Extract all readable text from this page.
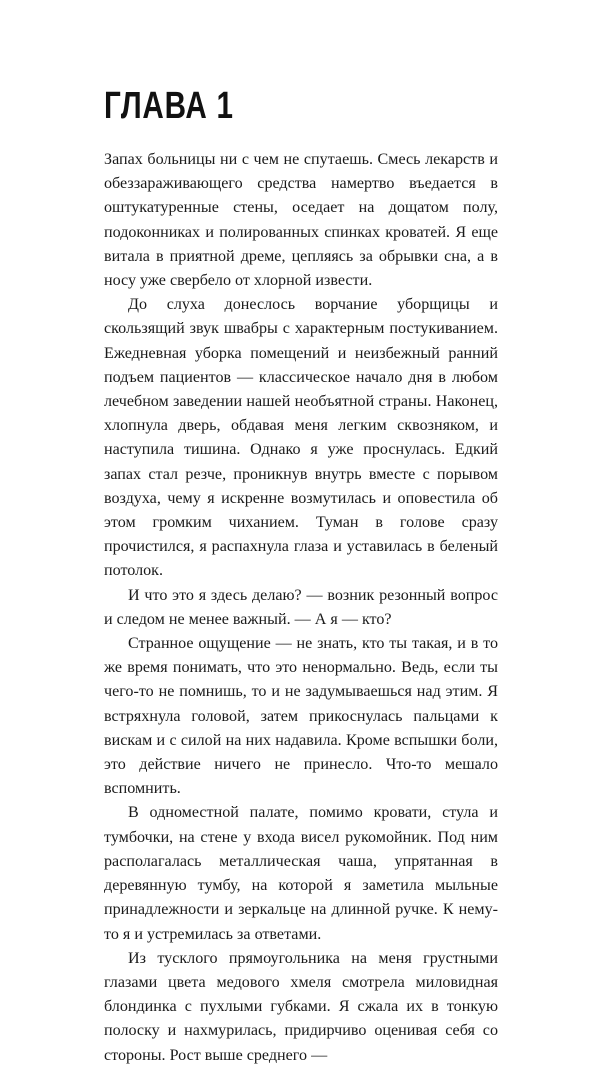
ГЛАВА 1

Запах больницы ни с чем не спутаешь. Смесь лекарств и обеззараживающего средства намертво въедается в оштукатуренные стены, оседает на дощатом полу, подоконниках и полированных спинках кроватей. Я еще витала в приятной дреме, цепляясь за обрывки сна, а в носу уже свербело от хлорной извести.

До слуха донеслось ворчание уборщицы и скользящий звук швабры с характерным постукиванием. Ежедневная уборка помещений и неизбежный ранний подъем пациентов — классическое начало дня в любом лечебном заведении нашей необъятной страны. Наконец, хлопнула дверь, обдавая меня легким сквозняком, и наступила тишина. Однако я уже проснулась. Едкий запах стал резче, проникнув внутрь вместе с порывом воздуха, чему я искренне возмутилась и оповестила об этом громким чиханием. Туман в голове сразу прочистился, я распахнула глаза и уставилась в беленый потолок.

И что это я здесь делаю? — возник резонный вопрос и следом не менее важный. — А я — кто?

Странное ощущение — не знать, кто ты такая, и в то же время понимать, что это ненормально. Ведь, если ты чего-то не помнишь, то и не задумываешься над этим. Я встряхнула головой, затем прикоснулась пальцами к вискам и с силой на них надавила. Кроме вспышки боли, это действие ничего не принесло. Что-то мешало вспомнить.

В одноместной палате, помимо кровати, стула и тумбочки, на стене у входа висел рукомойник. Под ним располагалась металлическая чаша, упрятанная в деревянную тумбу, на которой я заметила мыльные принадлежности и зеркальце на длинной ручке. К нему-то я и устремилась за ответами.

Из тусклого прямоугольника на меня грустными глазами цвета медового хмеля смотрела миловидная блондинка с пухлыми губками. Я сжала их в тонкую полоску и нахмурилась, придирчиво оценивая себя со стороны. Рост выше среднего —
